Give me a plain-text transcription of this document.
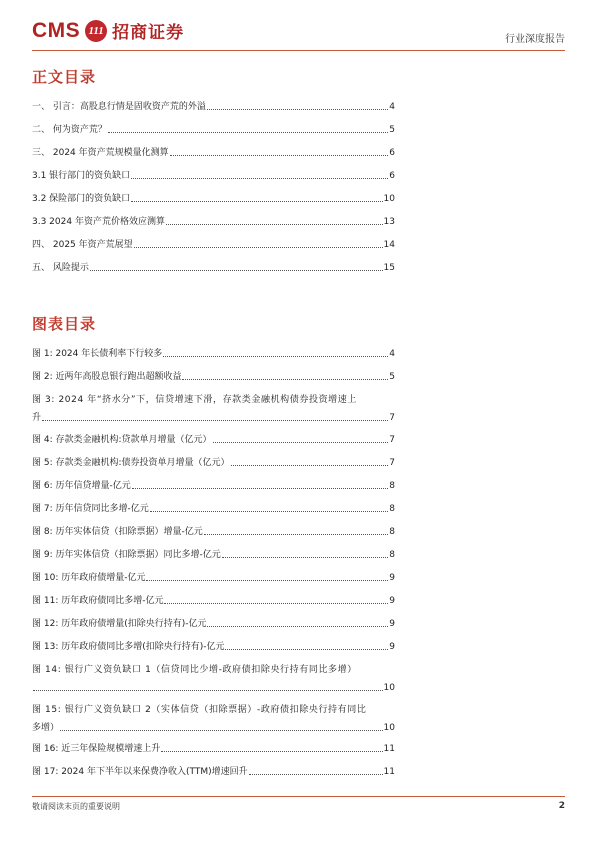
CMS 111 招商证券	行业深度报告
正文目录
一、 引言：高股息行情是固收资产荒的外溢	4
二、 何为资产荒？	5
三、 2024 年资产荒规模量化测算	6
3.1 银行部门的资负缺口	6
3.2 保险部门的资负缺口	10
3.3 2024 年资产荒价格效应测算	13
四、 2025 年资产荒展望	14
五、 风险提示	15
图表目录
图 1: 2024 年长债利率下行较多	4
图 2: 近两年高股息银行跑出超额收益	5
图 3: 2024 年“挤水分”下，信贷增速下滑，存款类金融机构债券投资增速上
升	7
图 4: 存款类金融机构:贷款单月增量（亿元）	7
图 5: 存款类金融机构:债券投资单月增量（亿元）	7
图 6: 历年信贷增量-亿元	8
图 7: 历年信贷同比多增-亿元	8
图 8: 历年实体信贷（扣除票据）增量-亿元	8
图 9: 历年实体信贷（扣除票据）同比多增-亿元	8
图 10: 历年政府债增量-亿元	9
图 11: 历年政府债同比多增-亿元	9
图 12: 历年政府债增量(扣除央行持有)-亿元	9
图 13: 历年政府债同比多增(扣除央行持有)-亿元	9
图 14: 银行广义资负缺口 1（信贷同比少增-政府债扣除央行持有同比多增）
10
图 15: 银行广义资负缺口 2（实体信贷（扣除票据）-政府债扣除央行持有同比
多增）	10
图 16: 近三年保险规模增速上升	11
图 17: 2024 年下半年以来保费净收入(TTM)增速回升	11
敬请阅读末页的重要说明	2
